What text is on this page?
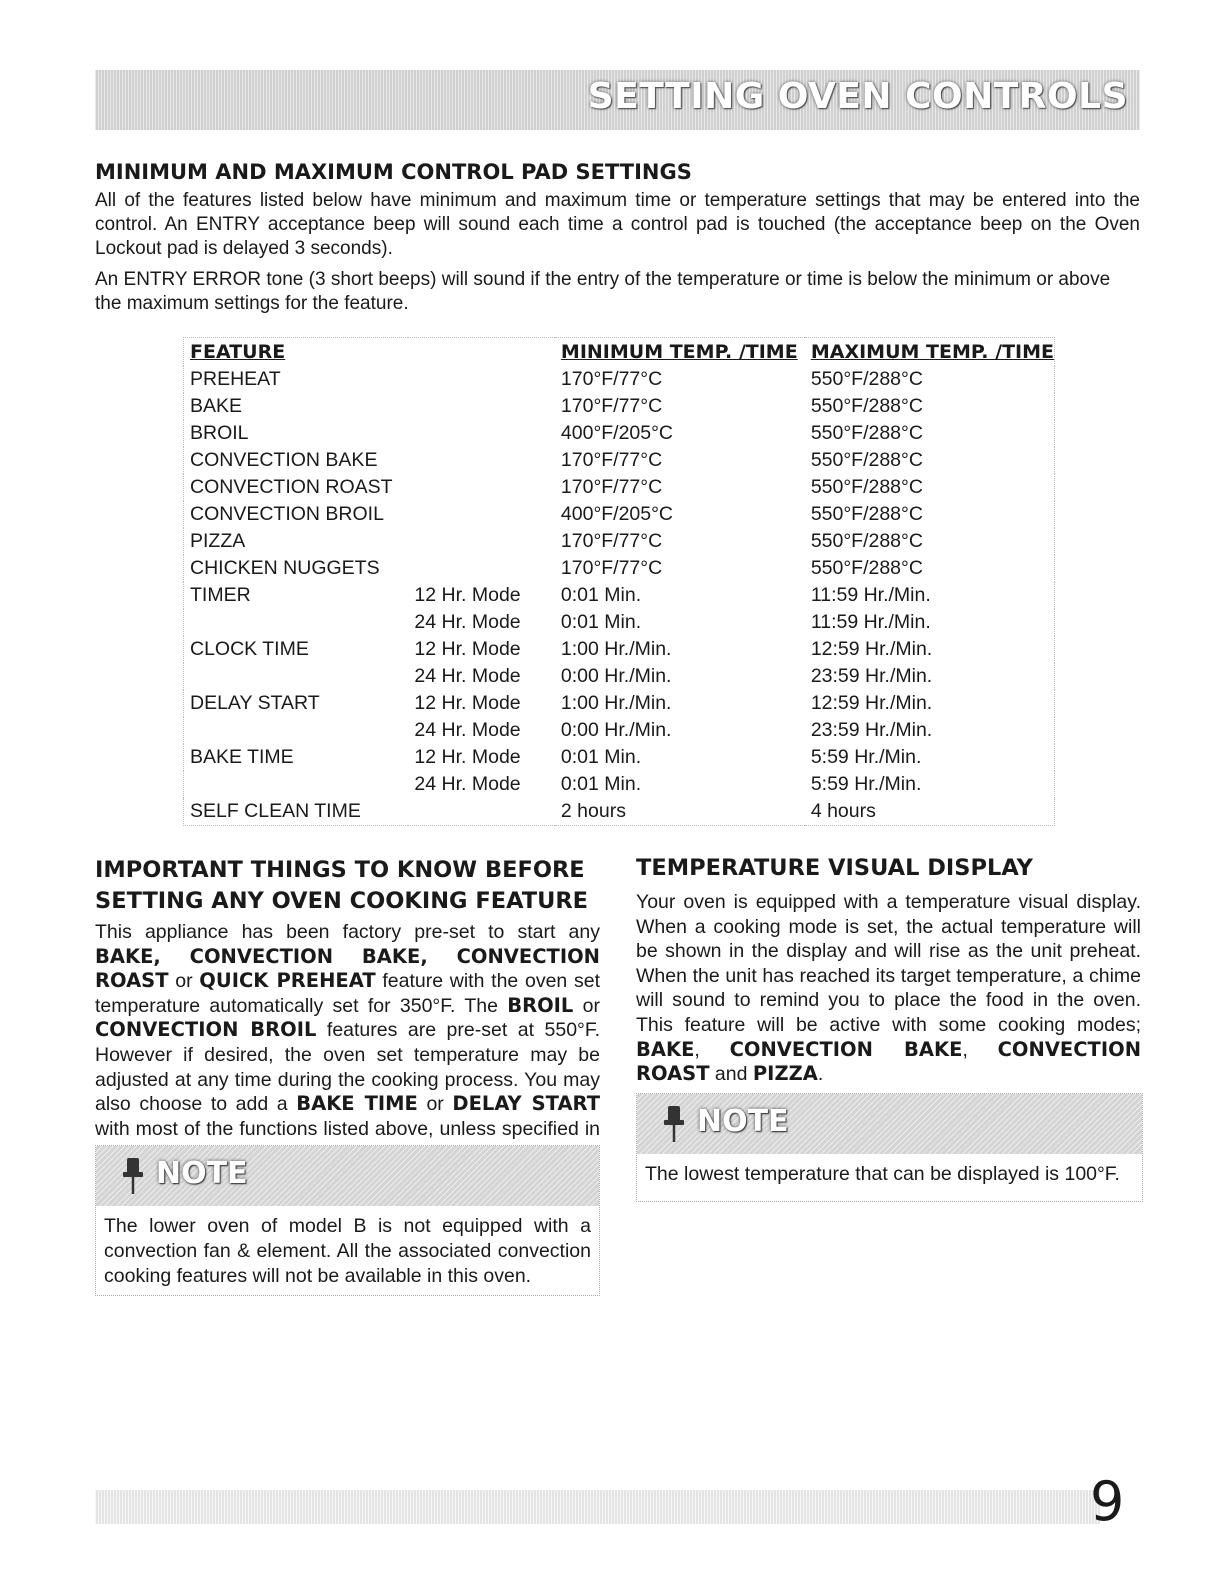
SETTING OVEN CONTROLS
MINIMUM AND MAXIMUM CONTROL PAD SETTINGS

All of the features listed below have minimum and maximum time or temperature settings that may be entered into the control. An ENTRY acceptance beep will sound each time a control pad is touched (the acceptance beep on the Oven Lockout pad is delayed 3 seconds).

An ENTRY ERROR tone (3 short beeps) will sound if the entry of the temperature or time is below the minimum or above the maximum settings for the feature.

FEATURE		MINIMUM TEMP. /TIME	MAXIMUM TEMP. /TIME
PREHEAT		170°F/77°C	550°F/288°C
BAKE		170°F/77°C	550°F/288°C
BROIL		400°F/205°C	550°F/288°C
CONVECTION BAKE		170°F/77°C	550°F/288°C
CONVECTION ROAST		170°F/77°C	550°F/288°C
CONVECTION BROIL		400°F/205°C	550°F/288°C
PIZZA		170°F/77°C	550°F/288°C
CHICKEN NUGGETS		170°F/77°C	550°F/288°C
TIMER	12 Hr. Mode	0:01 Min.	11:59 Hr./Min.
	24 Hr. Mode	0:01 Min.	11:59 Hr./Min.
CLOCK TIME	12 Hr. Mode	1:00 Hr./Min.	12:59 Hr./Min.
	24 Hr. Mode	0:00 Hr./Min.	23:59 Hr./Min.
DELAY START	12 Hr. Mode	1:00 Hr./Min.	12:59 Hr./Min.
	24 Hr. Mode	0:00 Hr./Min.	23:59 Hr./Min.
BAKE TIME	12 Hr. Mode	0:01 Min.	5:59 Hr./Min.
	24 Hr. Mode	0:01 Min.	5:59 Hr./Min.
SELF CLEAN TIME		2 hours	4 hours
IMPORTANT THINGS TO KNOW BEFORE
SETTING ANY OVEN COOKING FEATURE

This appliance has been factory pre-set to start any BAKE, CONVECTION BAKE, CONVECTION ROAST or QUICK PREHEAT feature with the oven set temperature automatically set for 350°F. The BROIL or CONVECTION BROIL features are pre-set at 550°F. However if desired, the oven set temperature may be adjusted at any time during the cooking process. You may also choose to add a BAKE TIME or DELAY START with most of the functions listed above, unless specified in

NOTE
The lower oven of model B is not equipped with a convection fan & element. All the associated convection cooking features will not be available in this oven.
TEMPERATURE VISUAL DISPLAY

Your oven is equipped with a temperature visual display. When a cooking mode is set, the actual temperature will be shown in the display and will rise as the unit preheat. When the unit has reached its target temperature, a chime will sound to remind you to place the food in the oven. This feature will be active with some cooking modes; BAKE, CONVECTION BAKE, CONVECTION ROAST and PIZZA.

NOTE
The lowest temperature that can be displayed is 100°F.
9
